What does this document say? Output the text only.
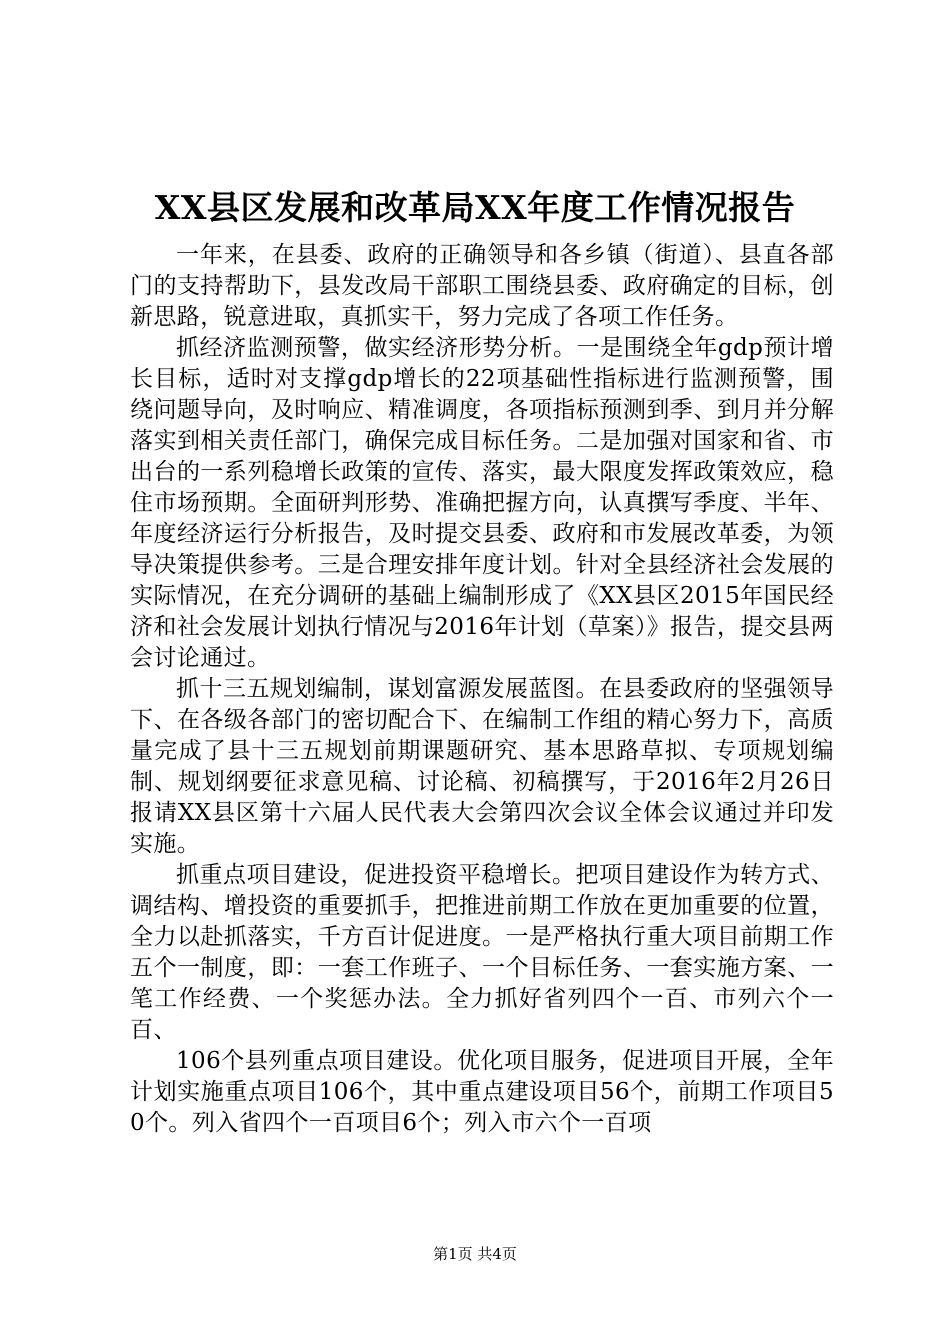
XX县区发展和改革局XX年度工作情况报告

一年来，在县委、政府的正确领导和各乡镇（街道）、县直各部门的支持帮助下，县发改局干部职工围绕县委、政府确定的目标，创新思路，锐意进取，真抓实干，努力完成了各项工作任务。

抓经济监测预警，做实经济形势分析。一是围绕全年gdp预计增长目标，适时对支撑gdp增长的22项基础性指标进行监测预警，围绕问题导向，及时响应、精准调度，各项指标预测到季、到月并分解落实到相关责任部门，确保完成目标任务。二是加强对国家和省、市出台的一系列稳增长政策的宣传、落实，最大限度发挥政策效应，稳住市场预期。全面研判形势、准确把握方向，认真撰写季度、半年、年度经济运行分析报告，及时提交县委、政府和市发展改革委，为领导决策提供参考。三是合理安排年度计划。针对全县经济社会发展的实际情况，在充分调研的基础上编制形成了《XX县区2015年国民经济和社会发展计划执行情况与2016年计划（草案）》报告，提交县两会讨论通过。

抓十三五规划编制，谋划富源发展蓝图。在县委政府的坚强领导下、在各级各部门的密切配合下、在编制工作组的精心努力下，高质量完成了县十三五规划前期课题研究、基本思路草拟、专项规划编制、规划纲要征求意见稿、讨论稿、初稿撰写，于2016年2月26日报请XX县区第十六届人民代表大会第四次会议全体会议通过并印发实施。

抓重点项目建设，促进投资平稳增长。把项目建设作为转方式、调结构、增投资的重要抓手，把推进前期工作放在更加重要的位置，全力以赴抓落实，千方百计促进度。一是严格执行重大项目前期工作五个一制度，即：一套工作班子、一个目标任务、一套实施方案、一笔工作经费、一个奖惩办法。全力抓好省列四个一百、市列六个一百、

106个县列重点项目建设。优化项目服务，促进项目开展，全年计划实施重点项目106个，其中重点建设项目56个，前期工作项目50个。列入省四个一百项目6个；列入市六个一百项

第1页 共4页
